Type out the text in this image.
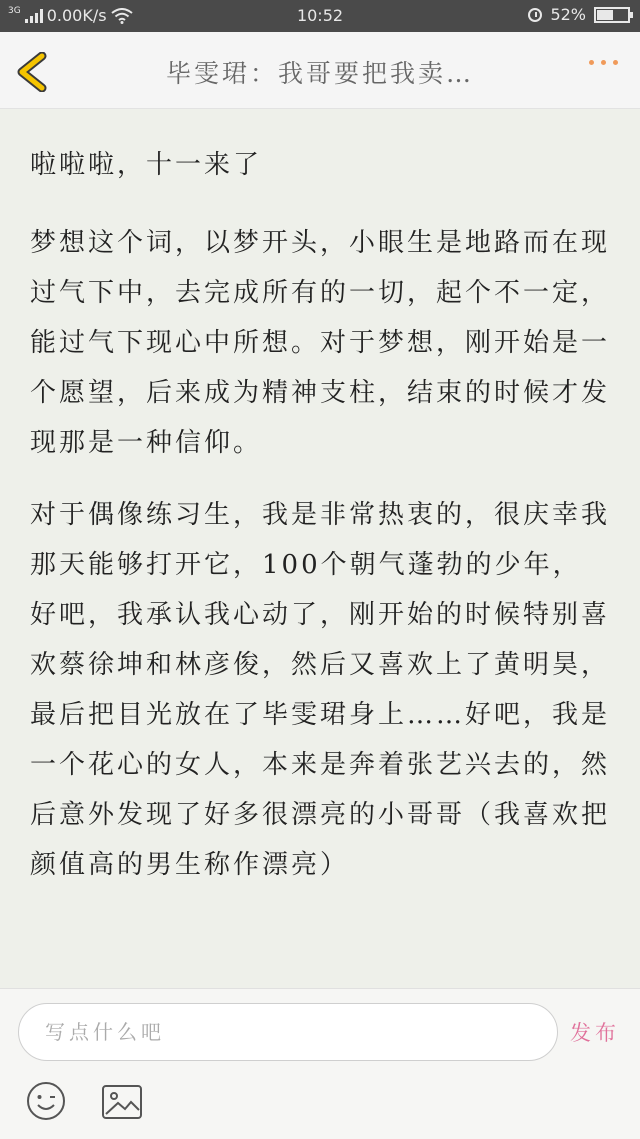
3G 0.00K/s	10:52	52%
毕雯珺：我哥要把我卖…

啦啦啦，十一来了

梦想这个词，以梦开头，小眼生是地路而在现过气下中，去完成所有的一切，起个不一定，能过气下现心中所想。对于梦想，刚开始是一个愿望，后来成为精神支柱，结束的时候才发现那是一种信仰。

对于偶像练习生，我是非常热衷的，很庆幸我那天能够打开它，100个朝气蓬勃的少年，好吧，我承认我心动了，刚开始的时候特别喜欢蔡徐坤和林彦俊，然后又喜欢上了黄明昊，最后把目光放在了毕雯珺身上……好吧，我是一个花心的女人，本来是奔着张艺兴去的，然后意外发现了好多很漂亮的小哥哥（我喜欢把颜值高的男生称作漂亮）

写点什么吧	发布
